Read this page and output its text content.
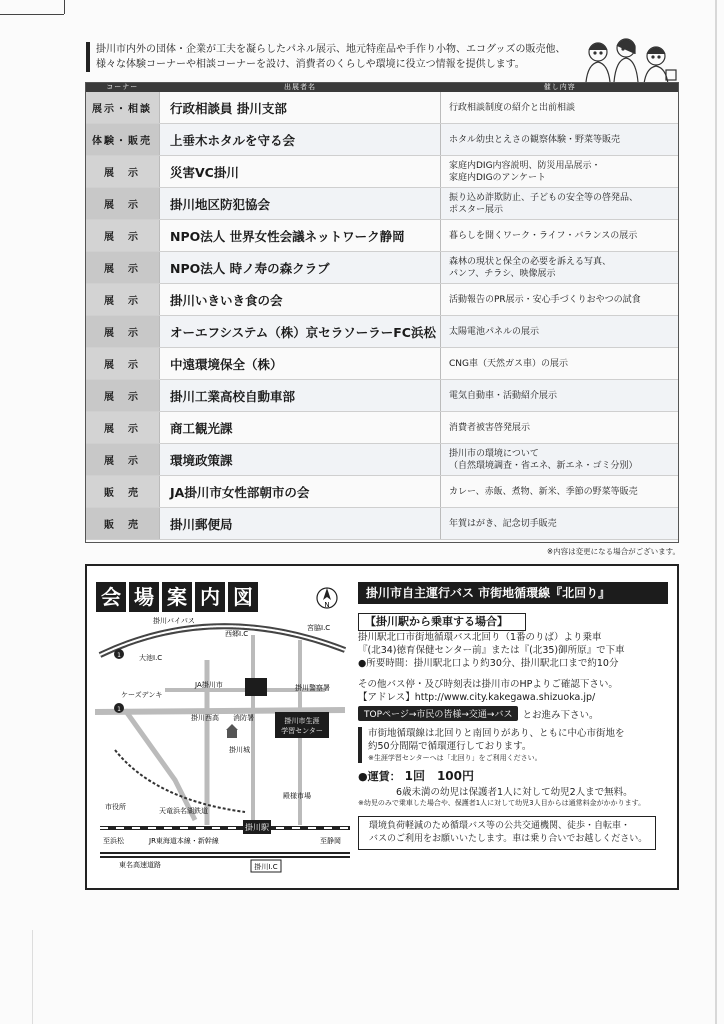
掛川市内外の団体・企業が工夫を凝らしたパネル展示、地元特産品や手作り小物、エコグッズの販売他、
様々な体験コーナーや相談コーナーを設け、消費者のくらしや環境に役立つ情報を提供します。
コーナー	出展者名	催し内容
展示・相談	行政相談員 掛川支部	行政相談制度の紹介と出前相談

体験・販売	上垂木ホタルを守る会	ホタル幼虫とえさの観察体験・野菜等販売

展　示	災害VC掛川	家庭内DIG内容説明、防災用品展示・
家庭内DIGのアンケート

展　示	掛川地区防犯協会	振り込め詐欺防止、子どもの安全等の啓発品、
ポスター展示

展　示	NPO法人 世界女性会議ネットワーク静岡	暮らしを開くワーク・ライフ・バランスの展示

展　示	NPO法人 時ノ寿の森クラブ	森林の現状と保全の必要を訴える写真、
パンフ、チラシ、映像展示

展　示	掛川いきいき食の会	活動報告のPR展示・安心手づくりおやつの試食

展　示	オーエフシステム（株）京セラソーラーFC浜松	太陽電池パネルの展示

展　示	中遠環境保全（株）	CNG車（天然ガス車）の展示

展　示	掛川工業高校自動車部	電気自動車・活動紹介展示

展　示	商工観光課	消費者被害啓発展示

展　示	環境政策課	掛川市の環境について
（自然環境調査・省エネ、新エネ・ゴミ分別）

販　売	JA掛川市女性部朝市の会	カレー、赤飯、煮物、新米、季節の野菜等販売

販　売	掛川郵便局	年賀はがき、記念切手販売
※内容は変更になる場合がございます。
会 場 案 内 図	N
掛川バイパス
西郷I.C
宮脇I.C
大池I.C
1
1
ケーズデンキ
JA掛川市	掛川警察署
掛川西高 消防署	掛川市生涯
学習センター
掛川城
市役所	天竜浜名湖鉄道
殿様市場
掛川駅
至浜松	JR東海道本線・新幹線	至静岡
東名高速道路	掛川I.C
掛川市自主運行バス 市街地循環線『北回り』
【掛川駅から乗車する場合】
掛川駅北口市街地循環バス北回り（1番のりば）より乗車
『(北34)徳育保健センター前』または『(北35)御所原』で下車
●所要時間：掛川駅北口より約30分、掛川駅北口まで約10分
その他バス停・及び時刻表は掛川市のHPよりご確認下さい。
【アドレス】http://www.city.kakegawa.shizuoka.jp/
TOPページ→市民の皆様→交通→バス	とお進み下さい。
市街地循環線は北回りと南回りがあり、ともに中心市街地を
約50分間隔で循環運行しております。
※生涯学習センターへは「北回り」をご利用ください。
●運賃： 1回　100円
6歳未満の幼児は保護者1人に対して幼児2人まで無料。
※幼児のみで乗車した場合や、保護者1人に対して幼児3人目からは通常料金がかかります。
環境負荷軽減のため循環バス等の公共交通機関、徒歩・自転車・
バスのご利用をお願いいたします。車は乗り合いでお越しください。
